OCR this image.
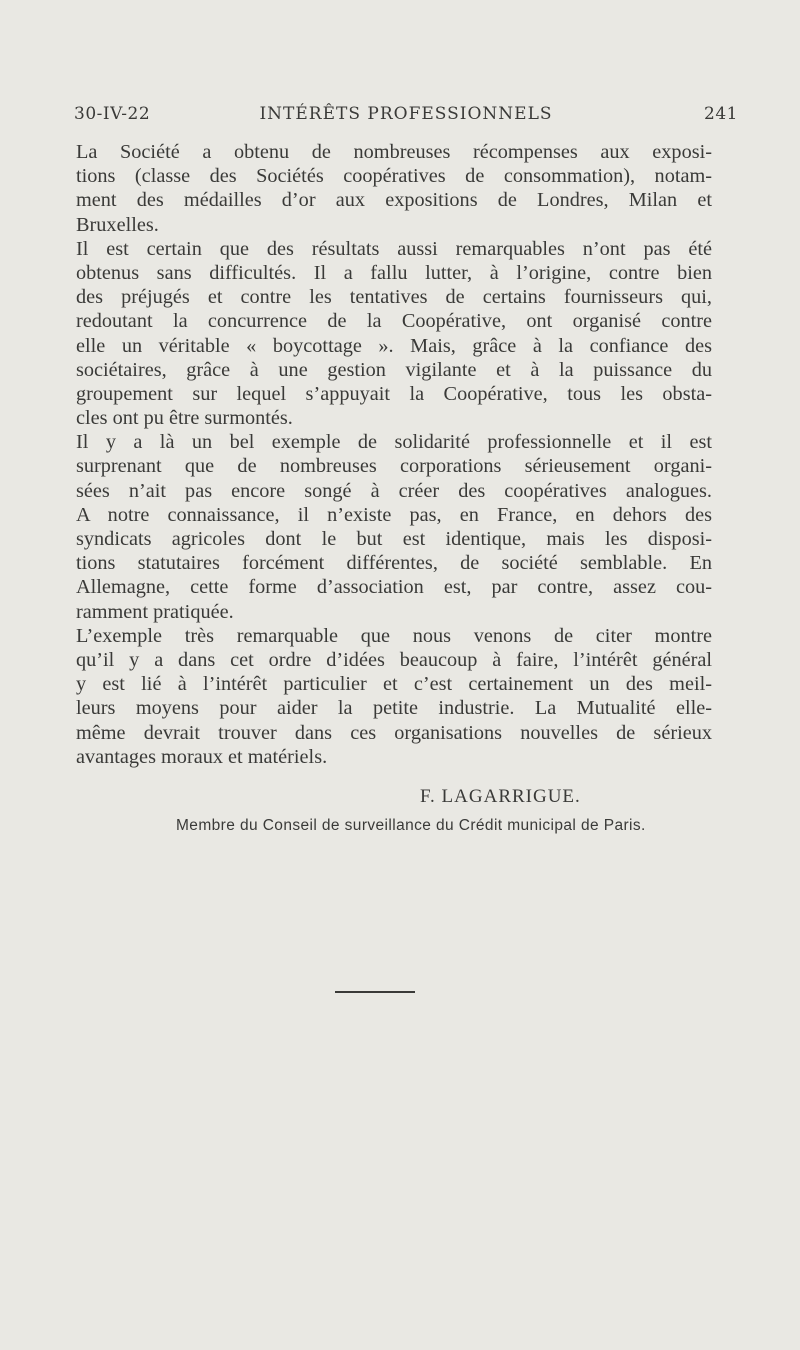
30-IV-22	INTÉRÊTS PROFESSIONNELS	241
La Société a obtenu de nombreuses récompenses aux exposi-
tions (classe des Sociétés coopératives de consommation), notam-
ment des médailles d’or aux expositions de Londres, Milan et
Bruxelles.
Il est certain que des résultats aussi remarquables n’ont pas été
obtenus sans difficultés. Il a fallu lutter, à l’origine, contre bien
des préjugés et contre les tentatives de certains fournisseurs qui,
redoutant la concurrence de la Coopérative, ont organisé contre
elle un véritable « boycottage ». Mais, grâce à la confiance des
sociétaires, grâce à une gestion vigilante et à la puissance du
groupement sur lequel s’appuyait la Coopérative, tous les obsta-
cles ont pu être surmontés.
Il y a là un bel exemple de solidarité professionnelle et il est
surprenant que de nombreuses corporations sérieusement organi-
sées n’ait pas encore songé à créer des coopératives analogues.
A notre connaissance, il n’existe pas, en France, en dehors des
syndicats agricoles dont le but est identique, mais les disposi-
tions statutaires forcément différentes, de société semblable. En
Allemagne, cette forme d’association est, par contre, assez cou-
ramment pratiquée.
L’exemple très remarquable que nous venons de citer montre
qu’il y a dans cet ordre d’idées beaucoup à faire, l’intérêt général
y est lié à l’intérêt particulier et c’est certainement un des meil-
leurs moyens pour aider la petite industrie. La Mutualité elle-
même devrait trouver dans ces organisations nouvelles de sérieux
avantages moraux et matériels.
F. LAGARRIGUE.
Membre du Conseil de surveillance du Crédit municipal de Paris.
